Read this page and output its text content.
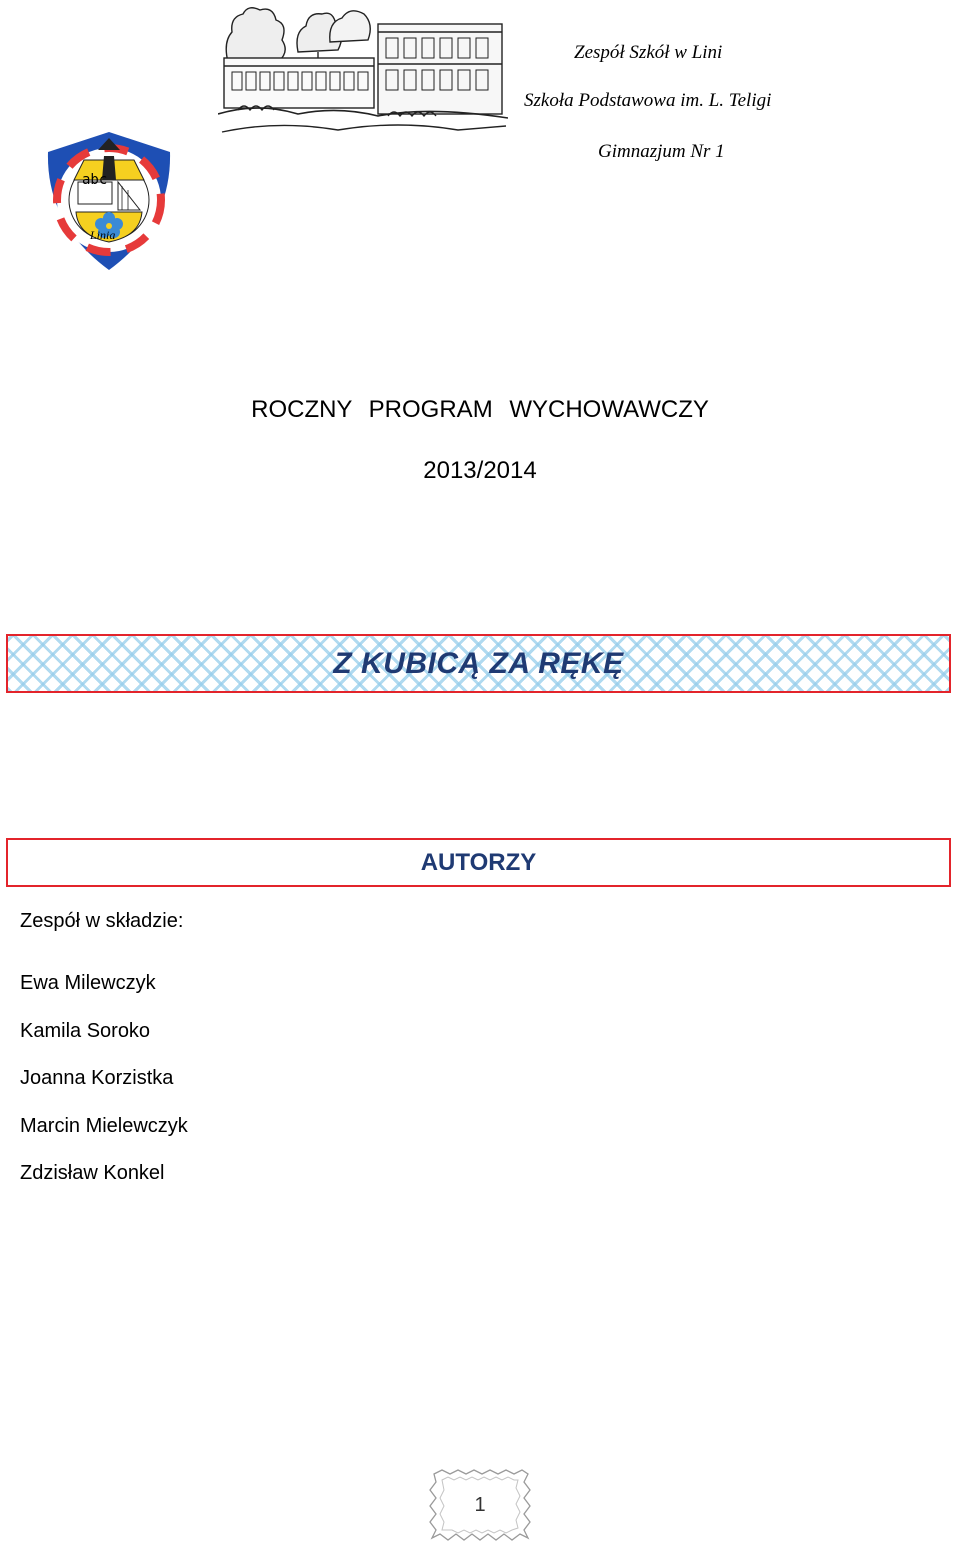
Zespół Szkół w Lini
Szkoła Podstawowa im. L. Teligi
Gimnazjum Nr 1
abc
Linia
ROCZNY PROGRAM WYCHOWAWCZY
2013/2014
Z KUBICĄ ZA RĘKĘ
AUTORZY
Zespół w składzie:
Ewa Milewczyk
Kamila Soroko
Joanna Korzistka
Marcin Mielewczyk
Zdzisław Konkel
1
